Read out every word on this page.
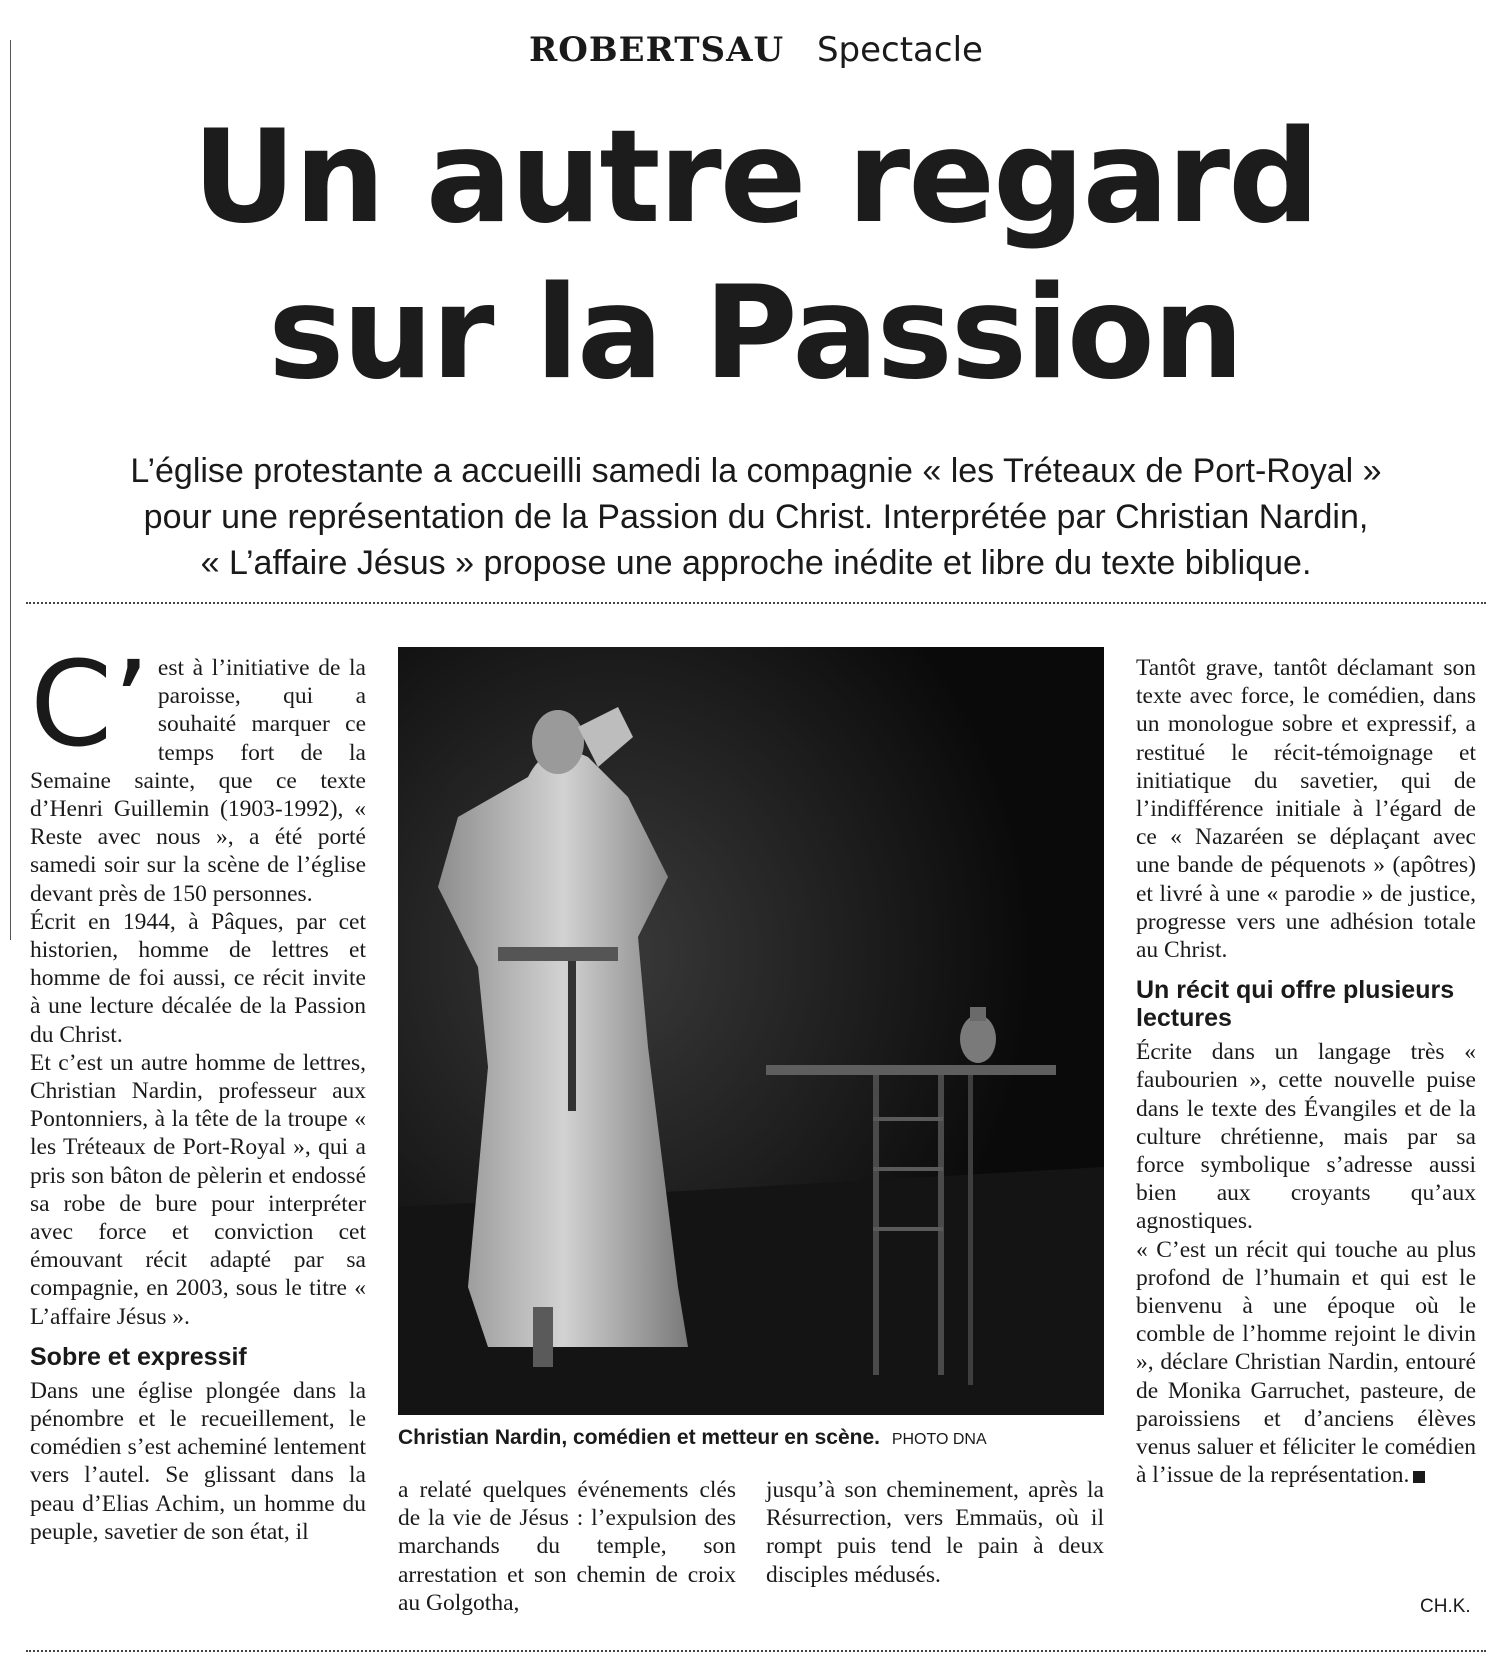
ROBERTSAU Spectacle
Un autre regard
sur la Passion
L’église protestante a accueilli samedi la compagnie « les Tréteaux de Port-Royal »
pour une représentation de la Passion du Christ. Interprétée par Christian Nardin,
« L’affaire Jésus » propose une approche inédite et libre du texte biblique.
C’ est à l’initiative de la paroisse, qui a souhaité marquer ce temps fort de la Semaine sainte, que ce texte d’Henri Guillemin (1903-1992), « Reste avec nous », a été porté samedi soir sur la scène de l’église devant près de 150 personnes.

Écrit en 1944, à Pâques, par cet historien, homme de lettres et homme de foi aussi, ce récit invite à une lecture décalée de la Passion du Christ.

Et c’est un autre homme de lettres, Christian Nardin, professeur aux Pontonniers, à la tête de la troupe « les Tréteaux de Port-Royal », qui a pris son bâton de pèlerin et endossé sa robe de bure pour interpréter avec force et conviction cet émouvant récit adapté par sa compagnie, en 2003, sous le titre « L’affaire Jésus ».

Sobre et expressif

Dans une église plongée dans la pénombre et le recueillement, le comédien s’est acheminé lentement vers l’autel. Se glissant dans la peau d’Elias Achim, un homme du peuple, savetier de son état, il

Christian Nardin, comédien et metteur en scène. PHOTO DNA

a relaté quelques événements clés de la vie de Jésus : l’expulsion des marchands du temple, son arrestation et son chemin de croix au Golgotha,

jusqu’à son cheminement, après la Résurrection, vers Emmaüs, où il rompt puis tend le pain à deux disciples médusés.

Tantôt grave, tantôt déclamant son texte avec force, le comédien, dans un monologue sobre et expressif, a restitué le récit-témoignage et initiatique du savetier, qui de l’indifférence initiale à l’égard de ce « Nazaréen se déplaçant avec une bande de péquenots » (apôtres) et livré à une « parodie » de justice, progresse vers une adhésion totale au Christ.

Un récit qui offre plusieurs lectures

Écrite dans un langage très « faubourien », cette nouvelle puise dans le texte des Évangiles et de la culture chrétienne, mais par sa force symbolique s’adresse aussi bien aux croyants qu’aux agnostiques.

« C’est un récit qui touche au plus profond de l’humain et qui est le bienvenu à une époque où le comble de l’homme rejoint le divin », déclare Christian Nardin, entouré de Monika Garruchet, pasteure, de paroissiens et d’anciens élèves venus saluer et féliciter le comédien à l’issue de la représentation.

CH.K.
